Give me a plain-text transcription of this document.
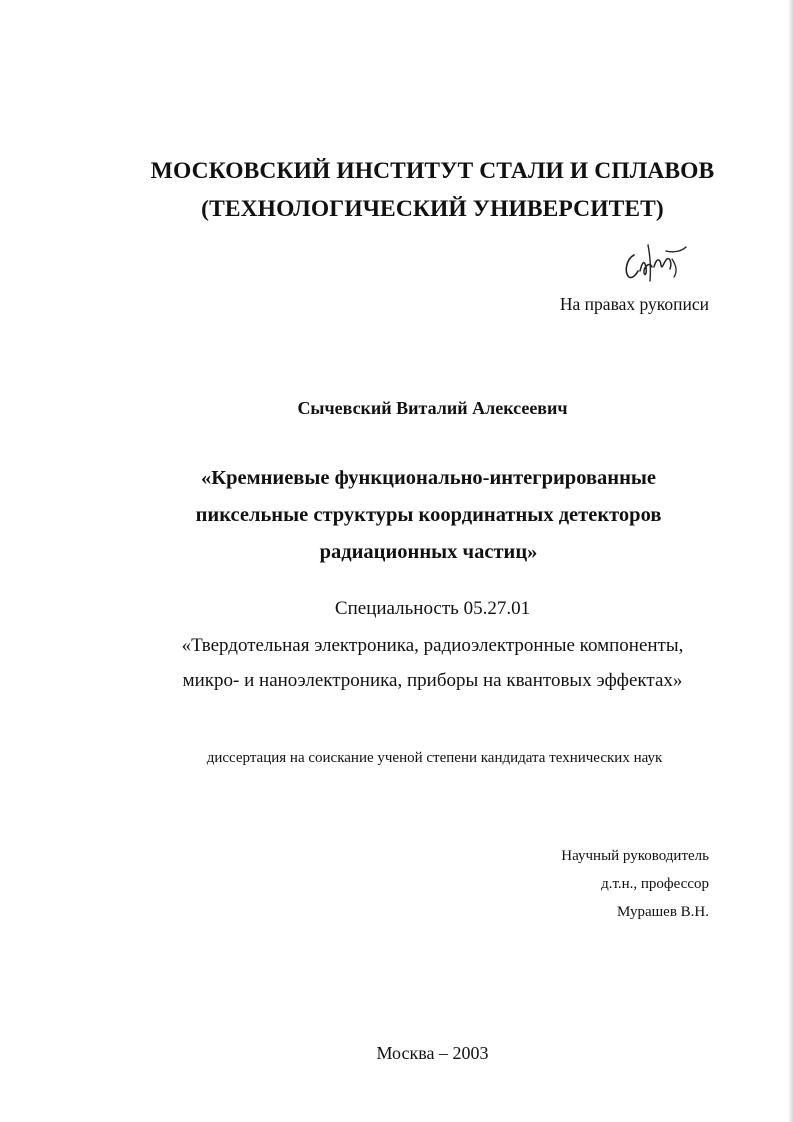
МОСКОВСКИЙ ИНСТИТУТ СТАЛИ И СПЛАВОВ

(ТЕХНОЛОГИЧЕСКИЙ УНИВЕРСИТЕТ)

На правах рукописи

Сычевский Виталий Алексеевич

«Кремниевые функционально-интегрированные

пиксельные структуры координатных детекторов

радиационных частиц»

Специальность 05.27.01

«Твердотельная электроника, радиоэлектронные компоненты,

микро- и наноэлектроника, приборы на квантовых эффектах»

диссертация на соискание ученой степени кандидата технических наук

Научный руководитель

д.т.н., профессор

Мурашев В.Н.

Москва – 2003
